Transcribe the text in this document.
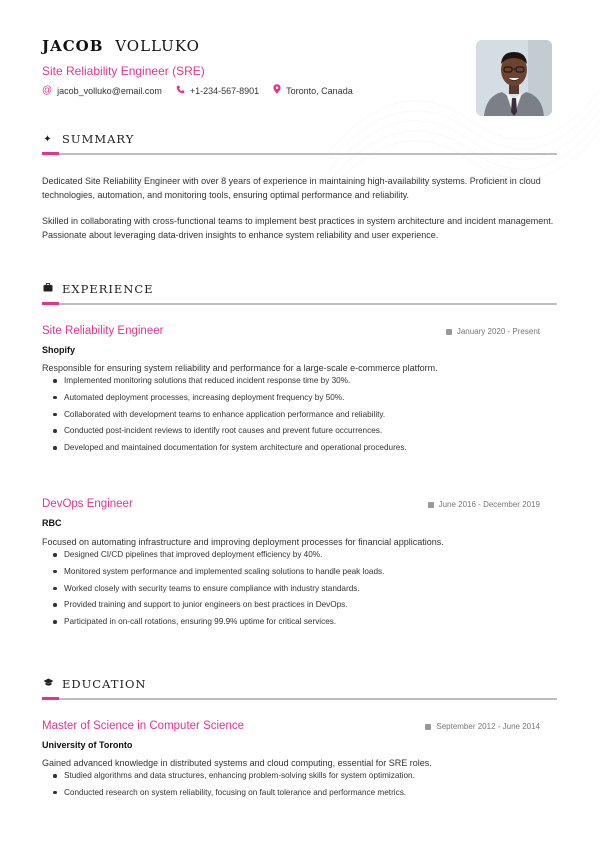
JACOB VOLLUKO
Site Reliability Engineer (SRE)
@ jacob_volluko@email.com	+1-234-567-8901	Toronto, Canada
✦ SUMMARY
Dedicated Site Reliability Engineer with over 8 years of experience in maintaining high-availability systems. Proficient in cloud technologies, automation, and monitoring tools, ensuring optimal performance and reliability.
Skilled in collaborating with cross-functional teams to implement best practices in system architecture and incident management. Passionate about leveraging data-driven insights to enhance system reliability and user experience.
EXPERIENCE
Site Reliability Engineer	January 2020 - Present
Shopify
Responsible for ensuring system reliability and performance for a large-scale e-commerce platform.
Implemented monitoring solutions that reduced incident response time by 30%.
Automated deployment processes, increasing deployment frequency by 50%.
Collaborated with development teams to enhance application performance and reliability.
Conducted post-incident reviews to identify root causes and prevent future occurrences.
Developed and maintained documentation for system architecture and operational procedures.
DevOps Engineer	June 2016 - December 2019
RBC
Focused on automating infrastructure and improving deployment processes for financial applications.
Designed CI/CD pipelines that improved deployment efficiency by 40%.
Monitored system performance and implemented scaling solutions to handle peak loads.
Worked closely with security teams to ensure compliance with industry standards.
Provided training and support to junior engineers on best practices in DevOps.
Participated in on-call rotations, ensuring 99.9% uptime for critical services.
EDUCATION
Master of Science in Computer Science	September 2012 - June 2014
University of Toronto
Gained advanced knowledge in distributed systems and cloud computing, essential for SRE roles.
Studied algorithms and data structures, enhancing problem-solving skills for system optimization.
Conducted research on system reliability, focusing on fault tolerance and performance metrics.
